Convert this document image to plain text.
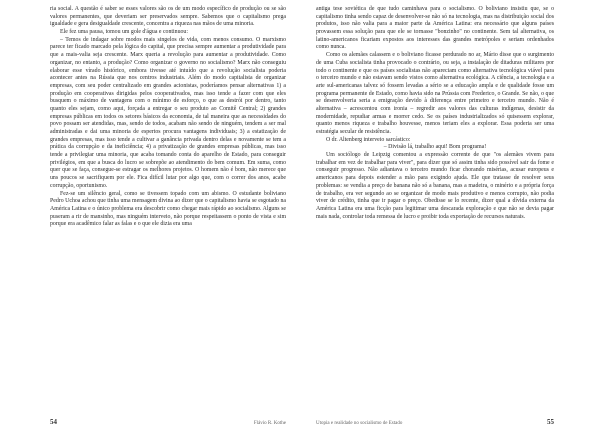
ria social. A questão é saber se esses valores são os de um modo específico de produção ou se são valores permanentes, que deveriam ser preservados sempre. Sabemos que o capitalismo prega igualdade e gera desigualdade crescente, concentra a riqueza nas mãos de uma minoria.

Ele fez uma pausa, tomou um gole d'água e continuou:

– Temos de indagar sobre modos mais singelos de vida, com menos consumo. O marxismo parece ter ficado marcado pela lógica do capital, que precisa sempre aumentar a produtividade para que a mais-valia seja crescente. Marx queria a revolução para aumentar a produtividade. Como organizar, no entanto, a produção? Como organizar o governo no socialismo? Marx não conseguiu elaborar esse vírado histórico, embora tivesse até intuído que a revolução socialista poderia acontecer antes na Rússia que nos centros industriais. Além do modo capitalista de organizar empresas, com seu poder centralizado em grandes acionistas, poderíamos pensar alternativas 1) a produção em cooperativas dirigidas pelos cooperativados, mas isso tende a fazer com que eles busquem o máximo de vantagens com o mínimo de esforço, o que as destrói por dentro, tanto quanto eles sejam, como aqui, forçada a entregar o seu produto ao Comitê Central; 2) grandes empresas públicas em todos os setores básicos da economia, de tal maneira que as necessidades do povo possam ser atendidas, mas, sendo de todos, acabam não sendo de ninguém, tendem a ser mal administradas e dai uma minoria de espertos procura vantagens individuais; 3) a estatização de grandes empresas, mas isso tende a cultivar a ganância privada dentro delas e novamente se tem a prática da corrupção e da ineficiência; 4) a privatização de grandes empresas públicas, mas isso tende a privilegiar uma minoria, que acaba tomando conta do aparelho de Estado, para conseguir privilégios, em que a busca do lucro se sobrepõe ao atendimento do bem comum. Em suma, como quer que se faça, consegue-se estragar os melhores projetos. O homem não é bom, não merece que uns poucos se sacrifiquem por ele. Fica difícil lutar por algo que, com o correr dos anos, acabe corrupção, oportunismo.

Fez-se um silêncio geral, como se tivessem topado com um abismo. O estudante boliviano Pedro Uchoa achou que tinha uma mensagem divina ao dizer que o capitalismo havia se esgotado na América Latina e o único problema era descobrir como chegar mais rápido ao socialismo. Alguns se puseram a rir de mansinho, mas ninguém interveio, não porque respeitassem o ponto de vista e sim porque era acadêmico falar as falas e o que ele dizia era uma

54	Flávio R. Kothe

antiga tese soviética de que tudo caminhava para o socialismo. O boliviano insistiu que, se o capitalismo tinha sendo capaz de desenvolver-se não só na tecnologia, mas na distribuição social dos produtos, isso não valia para a maior parte da América Latina: era necessário que alguns países provassem essa solução para que ele se tornasse "bonzinho" no continente. Sem tal alternativa, os latino-americanos ficariam expostos aos interesses das grandes metrópoles e seriam ordenhados como nunca.

Como os alemães calassem e o boliviano ficasse perdurado no ar, Mário disse que o surgimento de uma Cuba socialista tinha provocado o contrário, ou seja, a instalação de ditaduras militares por todo o continente e que os países socialistas não apareciam como alternativa tecnológica viável para o terceiro mundo e não estavam sendo vistos como alternativa ecológica. A ciência, a tecnologia e a arte sul-americanas talvez só fossem levadas a sério se a educação ampla e de qualidade fosse um programa permanente de Estado, como havia sido na Prússia com Frederico, o Grande. Se não, o que se desenvolveria seria a emigração devido à diferença entre primeiro e terceiro mundo. Não é alternativa – acrescentou com ironia – regredir aos valores das culturas indígenas, desistir da modernidade, repudiar armas e morrer cedo. Se os países industrializados só quisessem explorar, quanto menos riqueza e trabalho houvesse, menos teriam eles a explorar. Essa poderia ser uma estratégia secular de resistência.

O dr. Altenberg interveio sarcástico:

– Divisão lá, trabalho aqui! Bom programa!

Um sociólogo de Leipzig comentou a expressão corrente de que "os alemães vivem para trabalhar em vez de trabalhar para viver", para dizer que só assim tinha sido possível sair da fome e conseguir progresso. Não adiantava o terceiro mundo ficar chorando misérias, acusar europeus e americanos para depois estender a mão para exigindo ajuda. Ele que tratasse de resolver seus problemas: se vendia a preço de banana não só a banana, mas a madeira, o minério e a própria força de trabalho, era ver segundo ao se organizar de modo mais produtivo e menos corrupto, não podia viver de crédito, tinha que ir pagar o preço. Obedisse se lo recente, dizer qual a dívida externa da América Latina era uma ficção para legitimar uma descarada exploração e que não se devia pagar mais nada, controlar toda remessa de lucro e proibir toda exportação de recursos naturais.

Utopia e realidade no socialismo de Estado	55
